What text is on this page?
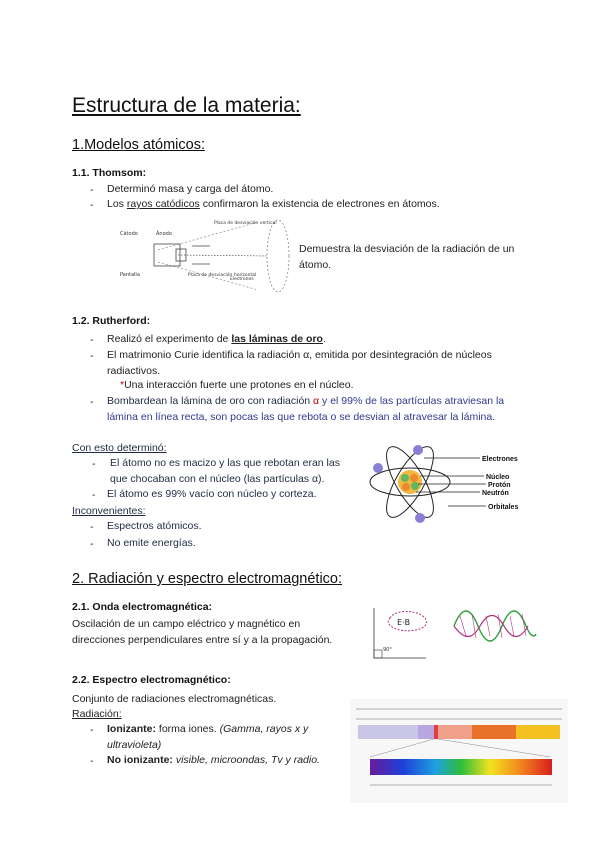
Estructura de la materia:
1.Modelos atómicos:
1.1. Thomsom:
- Determinó masa y carga del átomo.
- Los rayos catódicos confirmaron la existencia de electrones en átomos.
Cátodo	Ánodo
Placa de desviación vertical
Pantalla	Placa de desviación horizontal
Electrones
Demuestra la desviación de la radiación de un átomo.
1.2. Rutherford:
- Realizó el experimento de las láminas de oro.
- El matrimonio Curie identifica la radiación α, emitida por desintegración de núcleos radiactivos.
*Una interacción fuerte une protones en el núcleo.
- Bombardean la lámina de oro con radiación α y el 99% de las partículas atraviesan la lámina en línea recta, son pocas las que rebota o se desvian al atravesar la lámina.
Con esto determinó:
- El átomo no es macizo y las que rebotan eran las que chocaban con el núcleo (las partículas α).
- El átomo es 99% vacío con núcleo y corteza.
Inconvenientes:
- Espectros atómicos.
- No emite energías.
Electrones
Núcleo
Protón
Neutrón
Orbitales
2. Radiación y espectro electromagnético:
2.1. Onda electromagnética:
Oscilación de un campo eléctrico y magnético en direcciones perpendiculares entre sí y a la propagación.
E·B
90°
2.2. Espectro electromagnético:
Conjunto de radiaciones electromagnéticas.
Radiación:
- Ionizante: forma iones. (Gamma, rayos x y ultravioleta)
- No ionizante: visible, microondas, Tv y radio.
